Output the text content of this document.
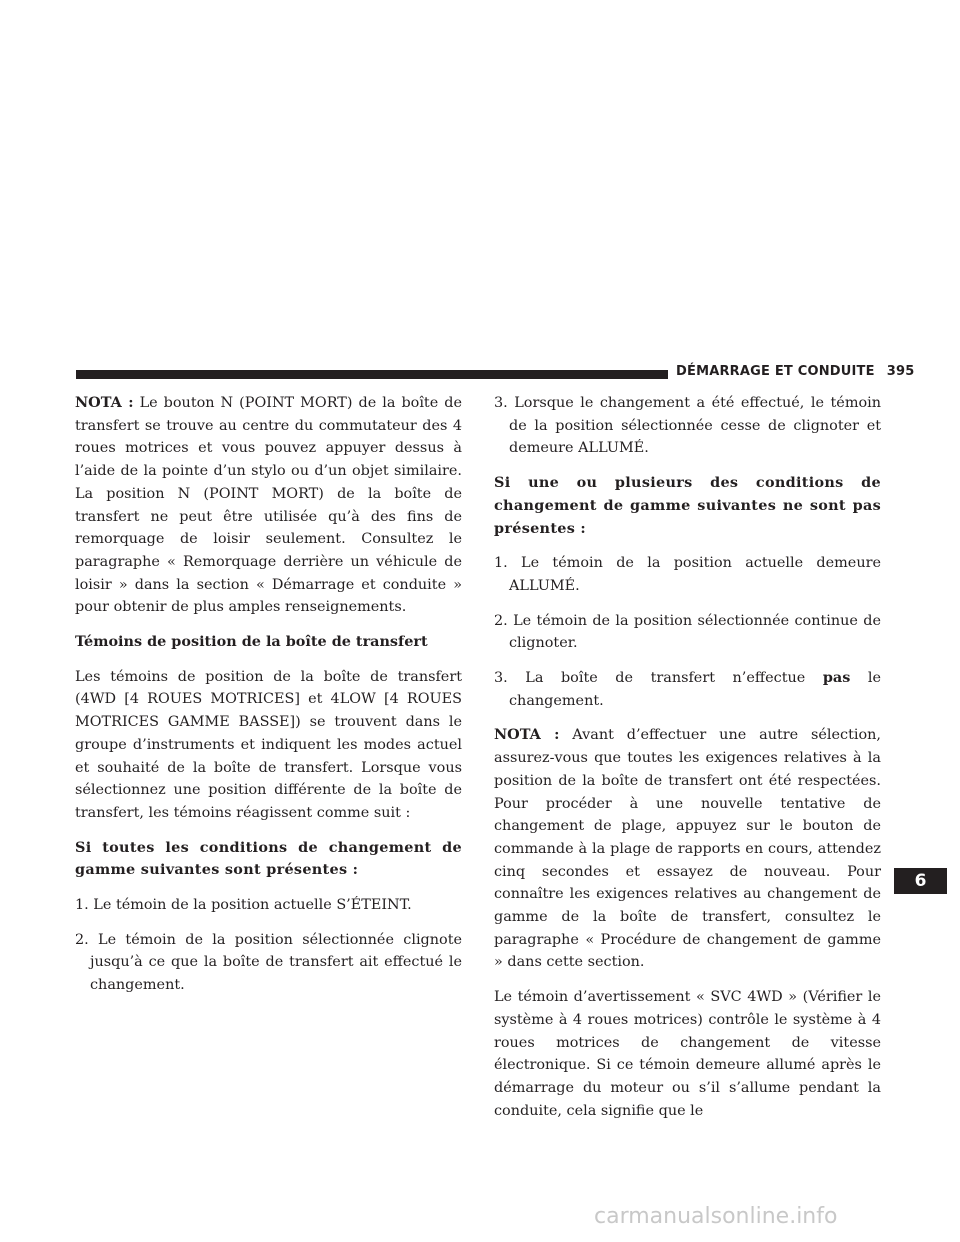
DÉMARRAGE ET CONDUITE 395
6

NOTA : Le bouton N (POINT MORT) de la boîte de transfert se trouve au centre du commutateur des 4 roues motrices et vous pouvez appuyer dessus à l’aide de la pointe d’un stylo ou d’un objet similaire. La position N (POINT MORT) de la boîte de transfert ne peut être utilisée qu’à des fins de remorquage de loisir seulement. Consultez le paragraphe « Remorquage derrière un véhicule de loisir » dans la section « Démarrage et conduite » pour obtenir de plus amples renseignements.

Témoins de position de la boîte de transfert

Les témoins de position de la boîte de transfert (4WD [4 ROUES MOTRICES] et 4LOW [4 ROUES MOTRICES GAMME BASSE]) se trouvent dans le groupe d’instruments et indiquent les modes actuel et souhaité de la boîte de transfert. Lorsque vous sélectionnez une position différente de la boîte de transfert, les témoins réagissent comme suit :

Si toutes les conditions de changement de gamme suivantes sont présentes :

1. Le témoin de la position actuelle S’ÉTEINT.

2. Le témoin de la position sélectionnée clignote jusqu’à ce que la boîte de transfert ait effectué le changement.

3. Lorsque le changement a été effectué, le témoin de la position sélectionnée cesse de clignoter et demeure ALLUMÉ.

Si une ou plusieurs des conditions de changement de gamme suivantes ne sont pas présentes :

1. Le témoin de la position actuelle demeure ALLUMÉ.

2. Le témoin de la position sélectionnée continue de clignoter.

3. La boîte de transfert n’effectue pas le changement.

NOTA : Avant d’effectuer une autre sélection, assurez-vous que toutes les exigences relatives à la position de la boîte de transfert ont été respectées. Pour procéder à une nouvelle tentative de changement de plage, appuyez sur le bouton de commande à la plage de rapports en cours, attendez cinq secondes et essayez de nouveau. Pour connaître les exigences relatives au changement de gamme de la boîte de transfert, consultez le paragraphe « Procédure de changement de gamme » dans cette section.

Le témoin d’avertissement « SVC 4WD » (Vérifier le système à 4 roues motrices) contrôle le système à 4 roues motrices de changement de vitesse électronique. Si ce témoin demeure allumé après le démarrage du moteur ou s’il s’allume pendant la conduite, cela signifie que le

carmanualsonline.info
